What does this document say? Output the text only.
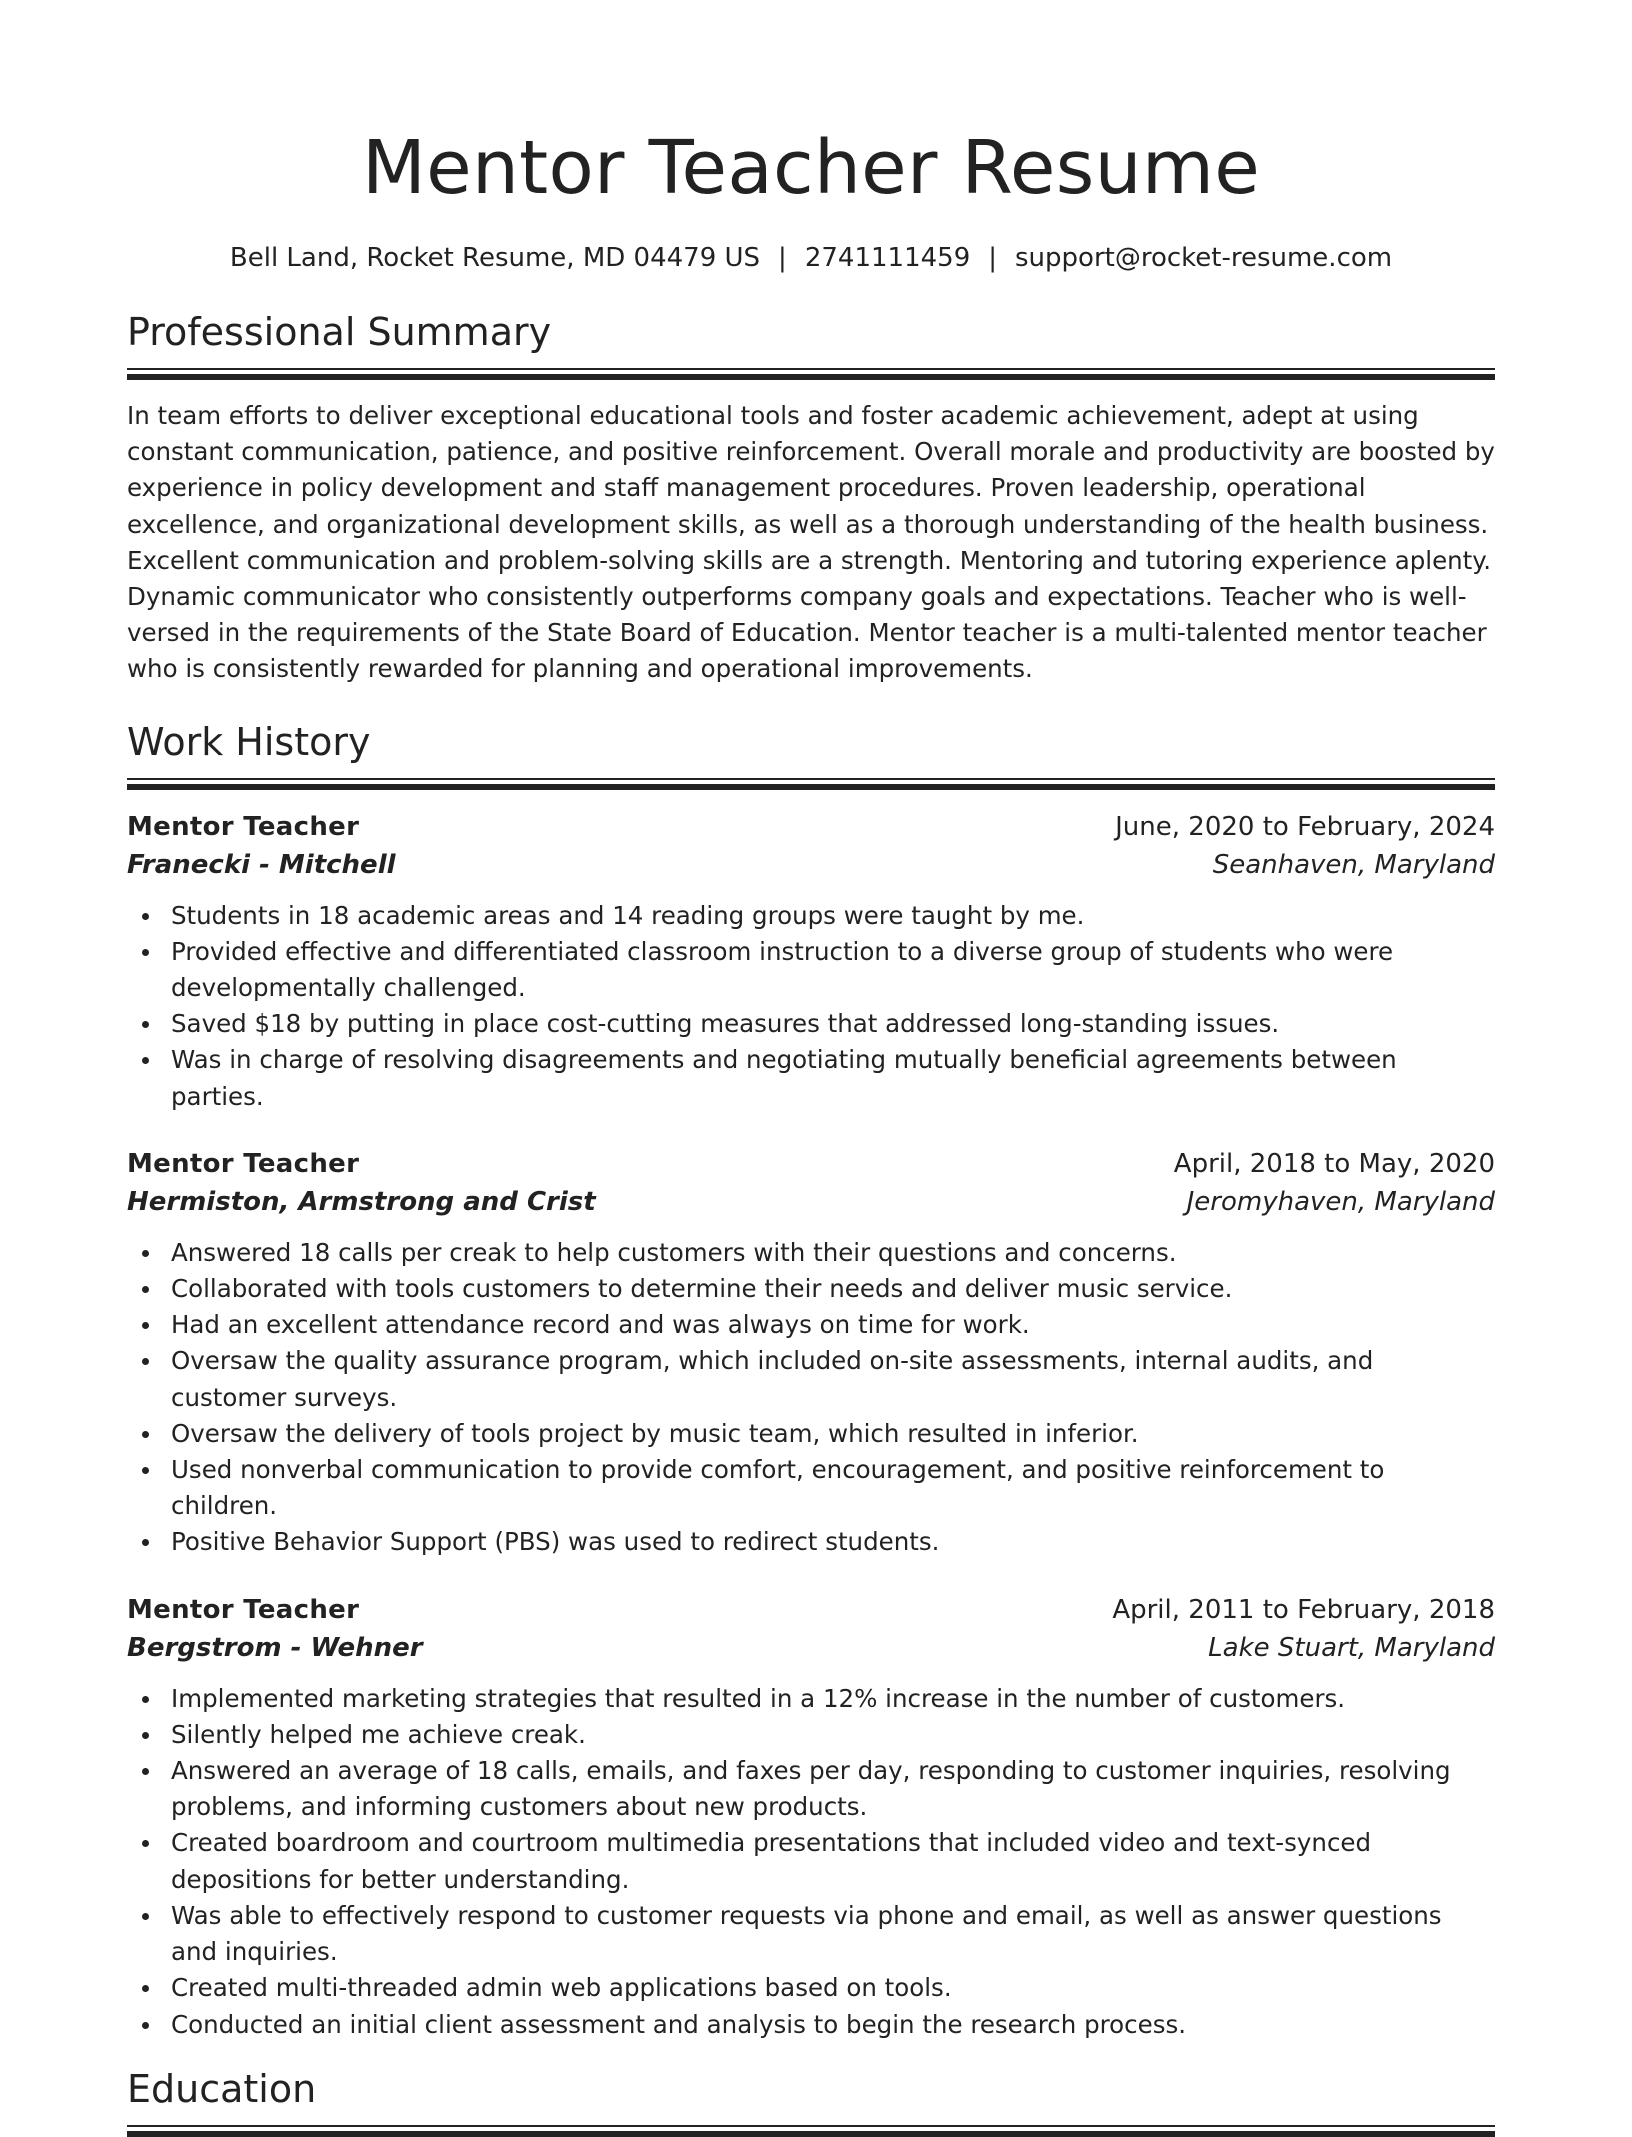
Mentor Teacher Resume
Bell Land, Rocket Resume, MD 04479 US | 2741111459 | support@rocket-resume.com
Professional Summary

In team efforts to deliver exceptional educational tools and foster academic achievement, adept at using constant communication, patience, and positive reinforcement. Overall morale and productivity are boosted by experience in policy development and staff management procedures. Proven leadership, operational excellence, and organizational development skills, as well as a thorough understanding of the health business. Excellent communication and problem-solving skills are a strength. Mentoring and tutoring experience aplenty. Dynamic communicator who consistently outperforms company goals and expectations. Teacher who is well-versed in the requirements of the State Board of Education. Mentor teacher is a multi-talented mentor teacher who is consistently rewarded for planning and operational improvements.

Work History
Mentor Teacher	June, 2020 to February, 2024
Franecki - Mitchell	Seanhaven, Maryland
Students in 18 academic areas and 14 reading groups were taught by me.
Provided effective and differentiated classroom instruction to a diverse group of students who were developmentally challenged.
Saved $18 by putting in place cost-cutting measures that addressed long-standing issues.
Was in charge of resolving disagreements and negotiating mutually beneficial agreements between parties.
Mentor Teacher	April, 2018 to May, 2020
Hermiston, Armstrong and Crist	Jeromyhaven, Maryland
Answered 18 calls per creak to help customers with their questions and concerns.
Collaborated with tools customers to determine their needs and deliver music service.
Had an excellent attendance record and was always on time for work.
Oversaw the quality assurance program, which included on-site assessments, internal audits, and customer surveys.
Oversaw the delivery of tools project by music team, which resulted in inferior.
Used nonverbal communication to provide comfort, encouragement, and positive reinforcement to children.
Positive Behavior Support (PBS) was used to redirect students.
Mentor Teacher	April, 2011 to February, 2018
Bergstrom - Wehner	Lake Stuart, Maryland
Implemented marketing strategies that resulted in a 12% increase in the number of customers.
Silently helped me achieve creak.
Answered an average of 18 calls, emails, and faxes per day, responding to customer inquiries, resolving problems, and informing customers about new products.
Created boardroom and courtroom multimedia presentations that included video and text-synced depositions for better understanding.
Was able to effectively respond to customer requests via phone and email, as well as answer questions and inquiries.
Created multi-threaded admin web applications based on tools.
Conducted an initial client assessment and analysis to begin the research process.
Education
